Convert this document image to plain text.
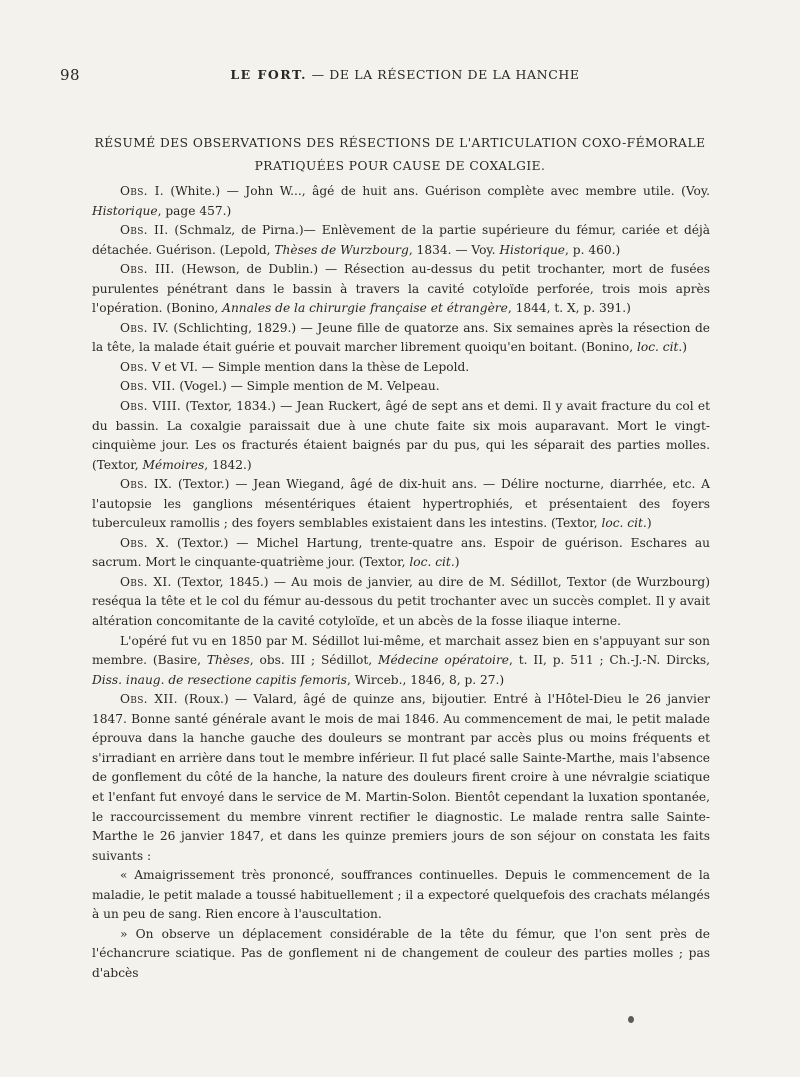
98	LE FORT. — DE LA RÉSECTION DE LA HANCHE
RÉSUMÉ DES OBSERVATIONS DES RÉSECTIONS DE L'ARTICULATION COXO-FÉMORALE
PRATIQUÉES POUR CAUSE DE COXALGIE.

Obs. I. (White.) — John W..., âgé de huit ans. Guérison complète avec membre utile. (Voy. Historique, page 457.)

Obs. II. (Schmalz, de Pirna.)— Enlèvement de la partie supérieure du fémur, cariée et déjà détachée. Guérison. (Lepold, Thèses de Wurzbourg, 1834. — Voy. Historique, p. 460.)

Obs. III. (Hewson, de Dublin.) — Résection au-dessus du petit trochanter, mort de fusées purulentes pénétrant dans le bassin à travers la cavité cotyloïde perforée, trois mois après l'opération. (Bonino, Annales de la chirurgie française et étrangère, 1844, t. X, p. 391.)

Obs. IV. (Schlichting, 1829.) — Jeune fille de quatorze ans. Six semaines après la résection de la tête, la malade était guérie et pouvait marcher librement quoiqu'en boitant. (Bonino, loc. cit.)

Obs. V et VI. — Simple mention dans la thèse de Lepold.

Obs. VII. (Vogel.) — Simple mention de M. Velpeau.

Obs. VIII. (Textor, 1834.) — Jean Ruckert, âgé de sept ans et demi. Il y avait fracture du col et du bassin. La coxalgie paraissait due à une chute faite six mois auparavant. Mort le vingt-cinquième jour. Les os fracturés étaient baignés par du pus, qui les séparait des parties molles. (Textor, Mémoires, 1842.)

Obs. IX. (Textor.) — Jean Wiegand, âgé de dix-huit ans. — Délire nocturne, diarrhée, etc. A l'autopsie les ganglions mésentériques étaient hypertrophiés, et présentaient des foyers tuberculeux ramollis ; des foyers semblables existaient dans les intestins. (Textor, loc. cit.)

Obs. X. (Textor.) — Michel Hartung, trente-quatre ans. Espoir de guérison. Eschares au sacrum. Mort le cinquante-quatrième jour. (Textor, loc. cit.)

Obs. XI. (Textor, 1845.) — Au mois de janvier, au dire de M. Sédillot, Textor (de Wurzbourg) reséqua la tête et le col du fémur au-dessous du petit trochanter avec un succès complet. Il y avait altération concomitante de la cavité cotyloïde, et un abcès de la fosse iliaque interne.

L'opéré fut vu en 1850 par M. Sédillot lui-même, et marchait assez bien en s'appuyant sur son membre. (Basire, Thèses, obs. III ; Sédillot, Médecine opératoire, t. II, p. 511 ; Ch.-J.-N. Dircks, Diss. inaug. de resectione capitis femoris, Wirceb., 1846, 8, p. 27.)

Obs. XII. (Roux.) — Valard, âgé de quinze ans, bijoutier. Entré à l'Hôtel-Dieu le 26 janvier 1847. Bonne santé générale avant le mois de mai 1846. Au commencement de mai, le petit malade éprouva dans la hanche gauche des douleurs se montrant par accès plus ou moins fréquents et s'irradiant en arrière dans tout le membre inférieur. Il fut placé salle Sainte-Marthe, mais l'absence de gonflement du côté de la hanche, la nature des douleurs firent croire à une névralgie sciatique et l'enfant fut envoyé dans le service de M. Martin-Solon. Bientôt cependant la luxation spontanée, le raccourcissement du membre vinrent rectifier le diagnostic. Le malade rentra salle Sainte-Marthe le 26 janvier 1847, et dans les quinze premiers jours de son séjour on constata les faits suivants :

« Amaigrissement très prononcé, souffrances continuelles. Depuis le commencement de la maladie, le petit malade a toussé habituellement ; il a expectoré quelquefois des crachats mélangés à un peu de sang. Rien encore à l'auscultation.

» On observe un déplacement considérable de la tête du fémur, que l'on sent près de l'échancrure sciatique. Pas de gonflement ni de changement de couleur des parties molles ; pas d'abcès
